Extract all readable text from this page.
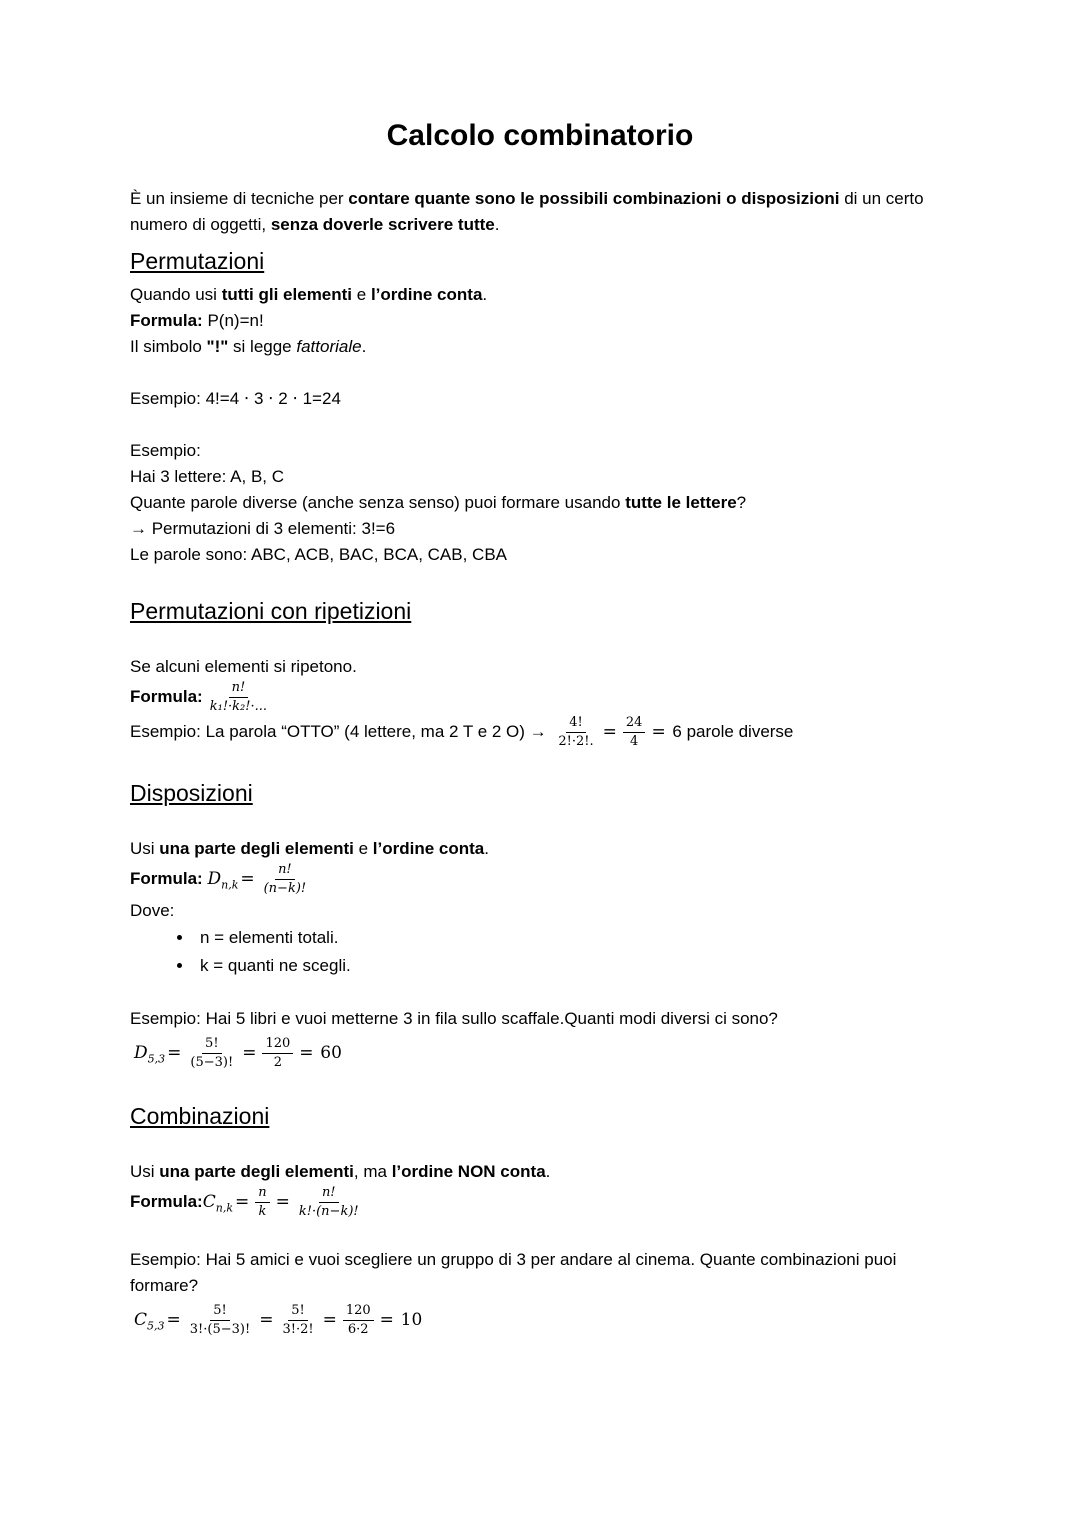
Calcolo combinatorio

È un insieme di tecniche per contare quante sono le possibili combinazioni o disposizioni di un certo numero di oggetti, senza doverle scrivere tutte.

Permutazioni

Quando usi tutti gli elementi e l’ordine conta.

Formula: P(n)=n!

Il simbolo "!" si legge fattoriale.

Esempio: 4!=4 ⋅ 3 ⋅ 2 ⋅ 1=24

Esempio:

Hai 3 lettere: A, B, C

Quante parole diverse (anche senza senso) puoi formare usando tutte le lettere?

→ Permutazioni di 3 elementi: 3!=6

Le parole sono: ABC, ACB, BAC, BCA, CAB, CBA

Permutazioni con ripetizioni

Se alcuni elementi si ripetono.

Formula: $\frac{n!}{\text{k₁!·k₂!·...}}$

Esempio: La parola “OTTO” (4 lettere, ma 2 T e 2 $O) \to \frac{4!}{2!\cdot 2!.} = \frac{24}{4} = 6$ parole diverse

Disposizioni

Usi una parte degli elementi e l’ordine conta.

Formula: $D_{n,k} = \frac{n!}{(n-k)!}$

Dove:

• n = elementi totali.
• k = quanti ne scegli.

Esempio: Hai 5 libri e vuoi metterne 3 in fila sullo scaffale.Quanti modi diversi ci sono?

$D_{5,3} = \frac{5!}{(5-3)!} = \frac{120}{2} = 60$

Combinazioni

Usi una parte degli elementi, ma l’ordine NON conta.

$Formula:C_{n,k} = \frac{n}{k} = \frac{n!}{k!\cdot(n-k)!}$

Esempio: Hai 5 amici e vuoi scegliere un gruppo di 3 per andare al cinema. Quante combinazioni puoi formare?

$C_{5,3} = \frac{5!}{3!\cdot(5-3)!} = \frac{5!}{3!\cdot 2!} = \frac{120}{6\cdot 2} = 10$
